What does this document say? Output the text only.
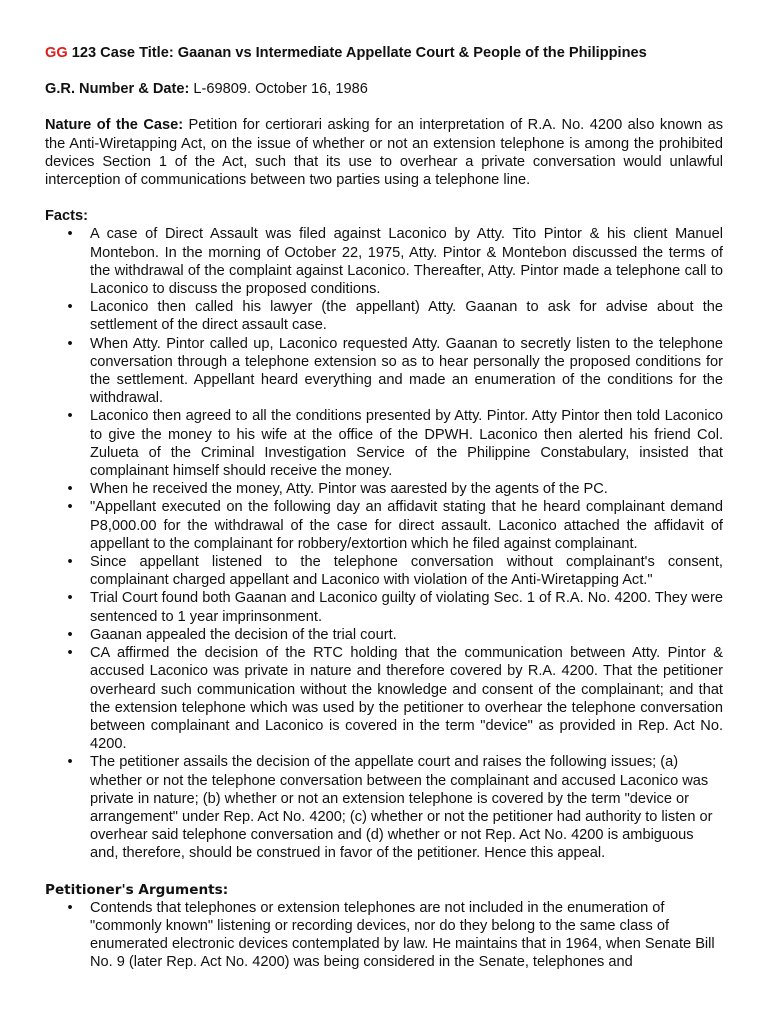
GG 123 Case Title: Gaanan vs Intermediate Appellate Court & People of the Philippines

G.R. Number & Date: L-69809. October 16, 1986

Nature of the Case: Petition for certiorari asking for an interpretation of R.A. No. 4200 also known as the Anti-Wiretapping Act, on the issue of whether or not an extension telephone is among the prohibited devices Section 1 of the Act, such that its use to overhear a private conversation would unlawful interception of communications between two parties using a telephone line.

Facts:

• A case of Direct Assault was filed against Laconico by Atty. Tito Pintor & his client Manuel Montebon. In the morning of October 22, 1975, Atty. Pintor & Montebon discussed the terms of the withdrawal of the complaint against Laconico. Thereafter, Atty. Pintor made a telephone call to Laconico to discuss the proposed conditions.
• Laconico then called his lawyer (the appellant) Atty. Gaanan to ask for advise about the settlement of the direct assault case.
• When Atty. Pintor called up, Laconico requested Atty. Gaanan to secretly listen to the telephone conversation through a telephone extension so as to hear personally the proposed conditions for the settlement. Appellant heard everything and made an enumeration of the conditions for the withdrawal.
• Laconico then agreed to all the conditions presented by Atty. Pintor. Atty Pintor then told Laconico to give the money to his wife at the office of the DPWH. Laconico then alerted his friend Col. Zulueta of the Criminal Investigation Service of the Philippine Constabulary, insisted that complainant himself should receive the money.
• When he received the money, Atty. Pintor was aarested by the agents of the PC.
• "Appellant executed on the following day an affidavit stating that he heard complainant demand P8,000.00 for the withdrawal of the case for direct assault. Laconico attached the affidavit of appellant to the complainant for robbery/extortion which he filed against complainant.
• Since appellant listened to the telephone conversation without complainant's consent, complainant charged appellant and Laconico with violation of the Anti-Wiretapping Act."
• Trial Court found both Gaanan and Laconico guilty of violating Sec. 1 of R.A. No. 4200. They were sentenced to 1 year imprinsonment.
• Gaanan appealed the decision of the trial court.
• CA affirmed the decision of the RTC holding that the communication between Atty. Pintor & accused Laconico was private in nature and therefore covered by R.A. 4200. That the petitioner overheard such communication without the knowledge and consent of the complainant; and that the extension telephone which was used by the petitioner to overhear the telephone conversation between complainant and Laconico is covered in the term "device" as provided in Rep. Act No. 4200.
• The petitioner assails the decision of the appellate court and raises the following issues; (a) whether or not the telephone conversation between the complainant and accused Laconico was private in nature; (b) whether or not an extension telephone is covered by the term "device or arrangement" under Rep. Act No. 4200; (c) whether or not the petitioner had authority to listen or overhear said telephone conversation and (d) whether or not Rep. Act No. 4200 is ambiguous and, therefore, should be construed in favor of the petitioner. Hence this appeal.

Petitioner's Arguments:

• Contends that telephones or extension telephones are not included in the enumeration of "commonly known" listening or recording devices, nor do they belong to the same class of enumerated electronic devices contemplated by law. He maintains that in 1964, when Senate Bill No. 9 (later Rep. Act No. 4200) was being considered in the Senate, telephones and
